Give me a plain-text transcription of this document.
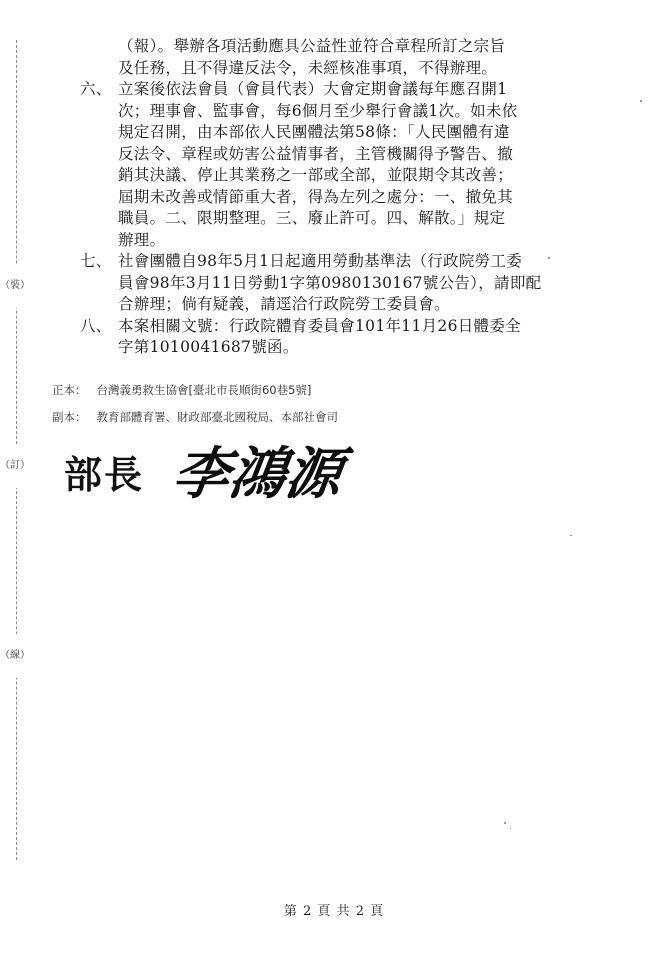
（裝）
（訂）
（線）
（報）。舉辦各項活動應具公益性並符合章程所訂之宗旨
及任務，且不得違反法令，未經核准事項，不得辦理。
六、 立案後依法會員（會員代表）大會定期會議每年應召開1
次；理事會、監事會，每6個月至少舉行會議1次。如未依
規定召開，由本部依人民團體法第58條：「人民團體有違
反法令、章程或妨害公益情事者，主管機關得予警告、撤
銷其決議、停止其業務之一部或全部，並限期令其改善；
屆期未改善或情節重大者，得為左列之處分：一、撤免其
職員。二、限期整理。三、廢止許可。四、解散。」規定
辦理。
七、 社會團體自98年5月1日起適用勞動基準法（行政院勞工委
員會98年3月11日勞動1字第0980130167號公告），請即配
合辦理；倘有疑義，請逕洽行政院勞工委員會。
八、 本案相關文號：行政院體育委員會101年11月26日體委全
字第1010041687號函。
正本： 台灣義勇救生協會[臺北市長順街60巷5號]
副本： 教育部體育署、財政部臺北國稅局、本部社會司
部長 李鴻源
第 2 頁 共 2 頁
